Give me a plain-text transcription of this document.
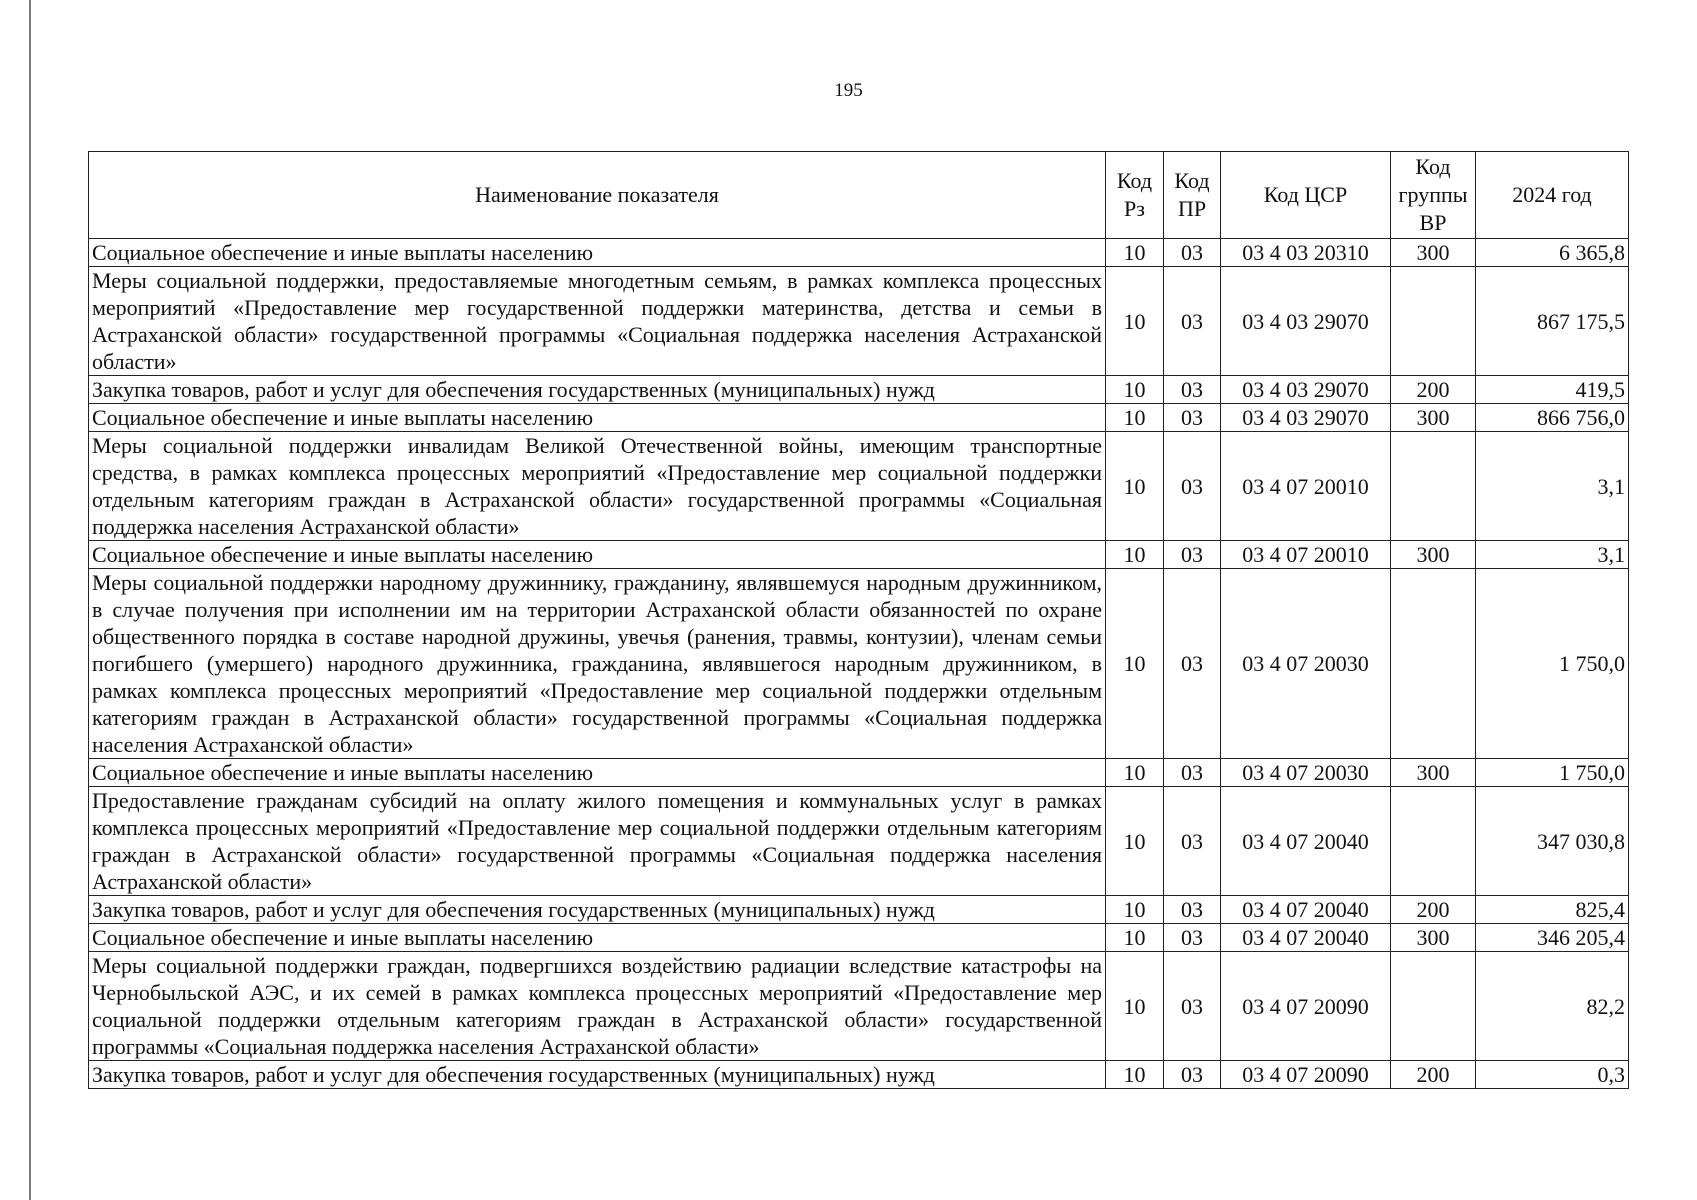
195
Наименование показателя	Код Рз	Код ПР	Код ЦСР	Код группы ВР	2024 год
Социальное обеспечение и иные выплаты населению	10	03	03 4 03 20310	300	6 365,8
Меры социальной поддержки, предоставляемые многодетным семьям, в рамках комплекса процессных мероприятий «Предоставление мер государственной поддержки материнства, детства и семьи в Астраханской области» государственной программы «Социальная поддержка населения Астраханской области»	10	03	03 4 03 29070		867 175,5
Закупка товаров, работ и услуг для обеспечения государственных (муниципальных) нужд	10	03	03 4 03 29070	200	419,5
Социальное обеспечение и иные выплаты населению	10	03	03 4 03 29070	300	866 756,0
Меры социальной поддержки инвалидам Великой Отечественной войны, имеющим транспортные средства, в рамках комплекса процессных мероприятий «Предоставление мер социальной поддержки отдельным категориям граждан в Астраханской области» государственной программы «Социальная поддержка населения Астраханской области»	10	03	03 4 07 20010		3,1
Социальное обеспечение и иные выплаты населению	10	03	03 4 07 20010	300	3,1
Меры социальной поддержки народному дружиннику, гражданину, являвшемуся народным дружинником, в случае получения при исполнении им на территории Астраханской области обязанностей по охране общественного порядка в составе народной дружины, увечья (ранения, травмы, контузии), членам семьи погибшего (умершего) народного дружинника, гражданина, являвшегося народным дружинником, в рамках комплекса процессных мероприятий «Предоставление мер социальной поддержки отдельным категориям граждан в Астраханской области» государственной программы «Социальная поддержка населения Астраханской области»	10	03	03 4 07 20030		1 750,0
Социальное обеспечение и иные выплаты населению	10	03	03 4 07 20030	300	1 750,0
Предоставление гражданам субсидий на оплату жилого помещения и коммунальных услуг в рамках комплекса процессных мероприятий «Предоставление мер социальной поддержки отдельным категориям граждан в Астраханской области» государственной программы «Социальная поддержка населения Астраханской области»	10	03	03 4 07 20040		347 030,8
Закупка товаров, работ и услуг для обеспечения государственных (муниципальных) нужд	10	03	03 4 07 20040	200	825,4
Социальное обеспечение и иные выплаты населению	10	03	03 4 07 20040	300	346 205,4
Меры социальной поддержки граждан, подвергшихся воздействию радиации вследствие катастрофы на Чернобыльской АЭС, и их семей в рамках комплекса процессных мероприятий «Предоставление мер социальной поддержки отдельным категориям граждан в Астраханской области» государственной программы «Социальная поддержка населения Астраханской области»	10	03	03 4 07 20090		82,2
Закупка товаров, работ и услуг для обеспечения государственных (муниципальных) нужд	10	03	03 4 07 20090	200	0,3
